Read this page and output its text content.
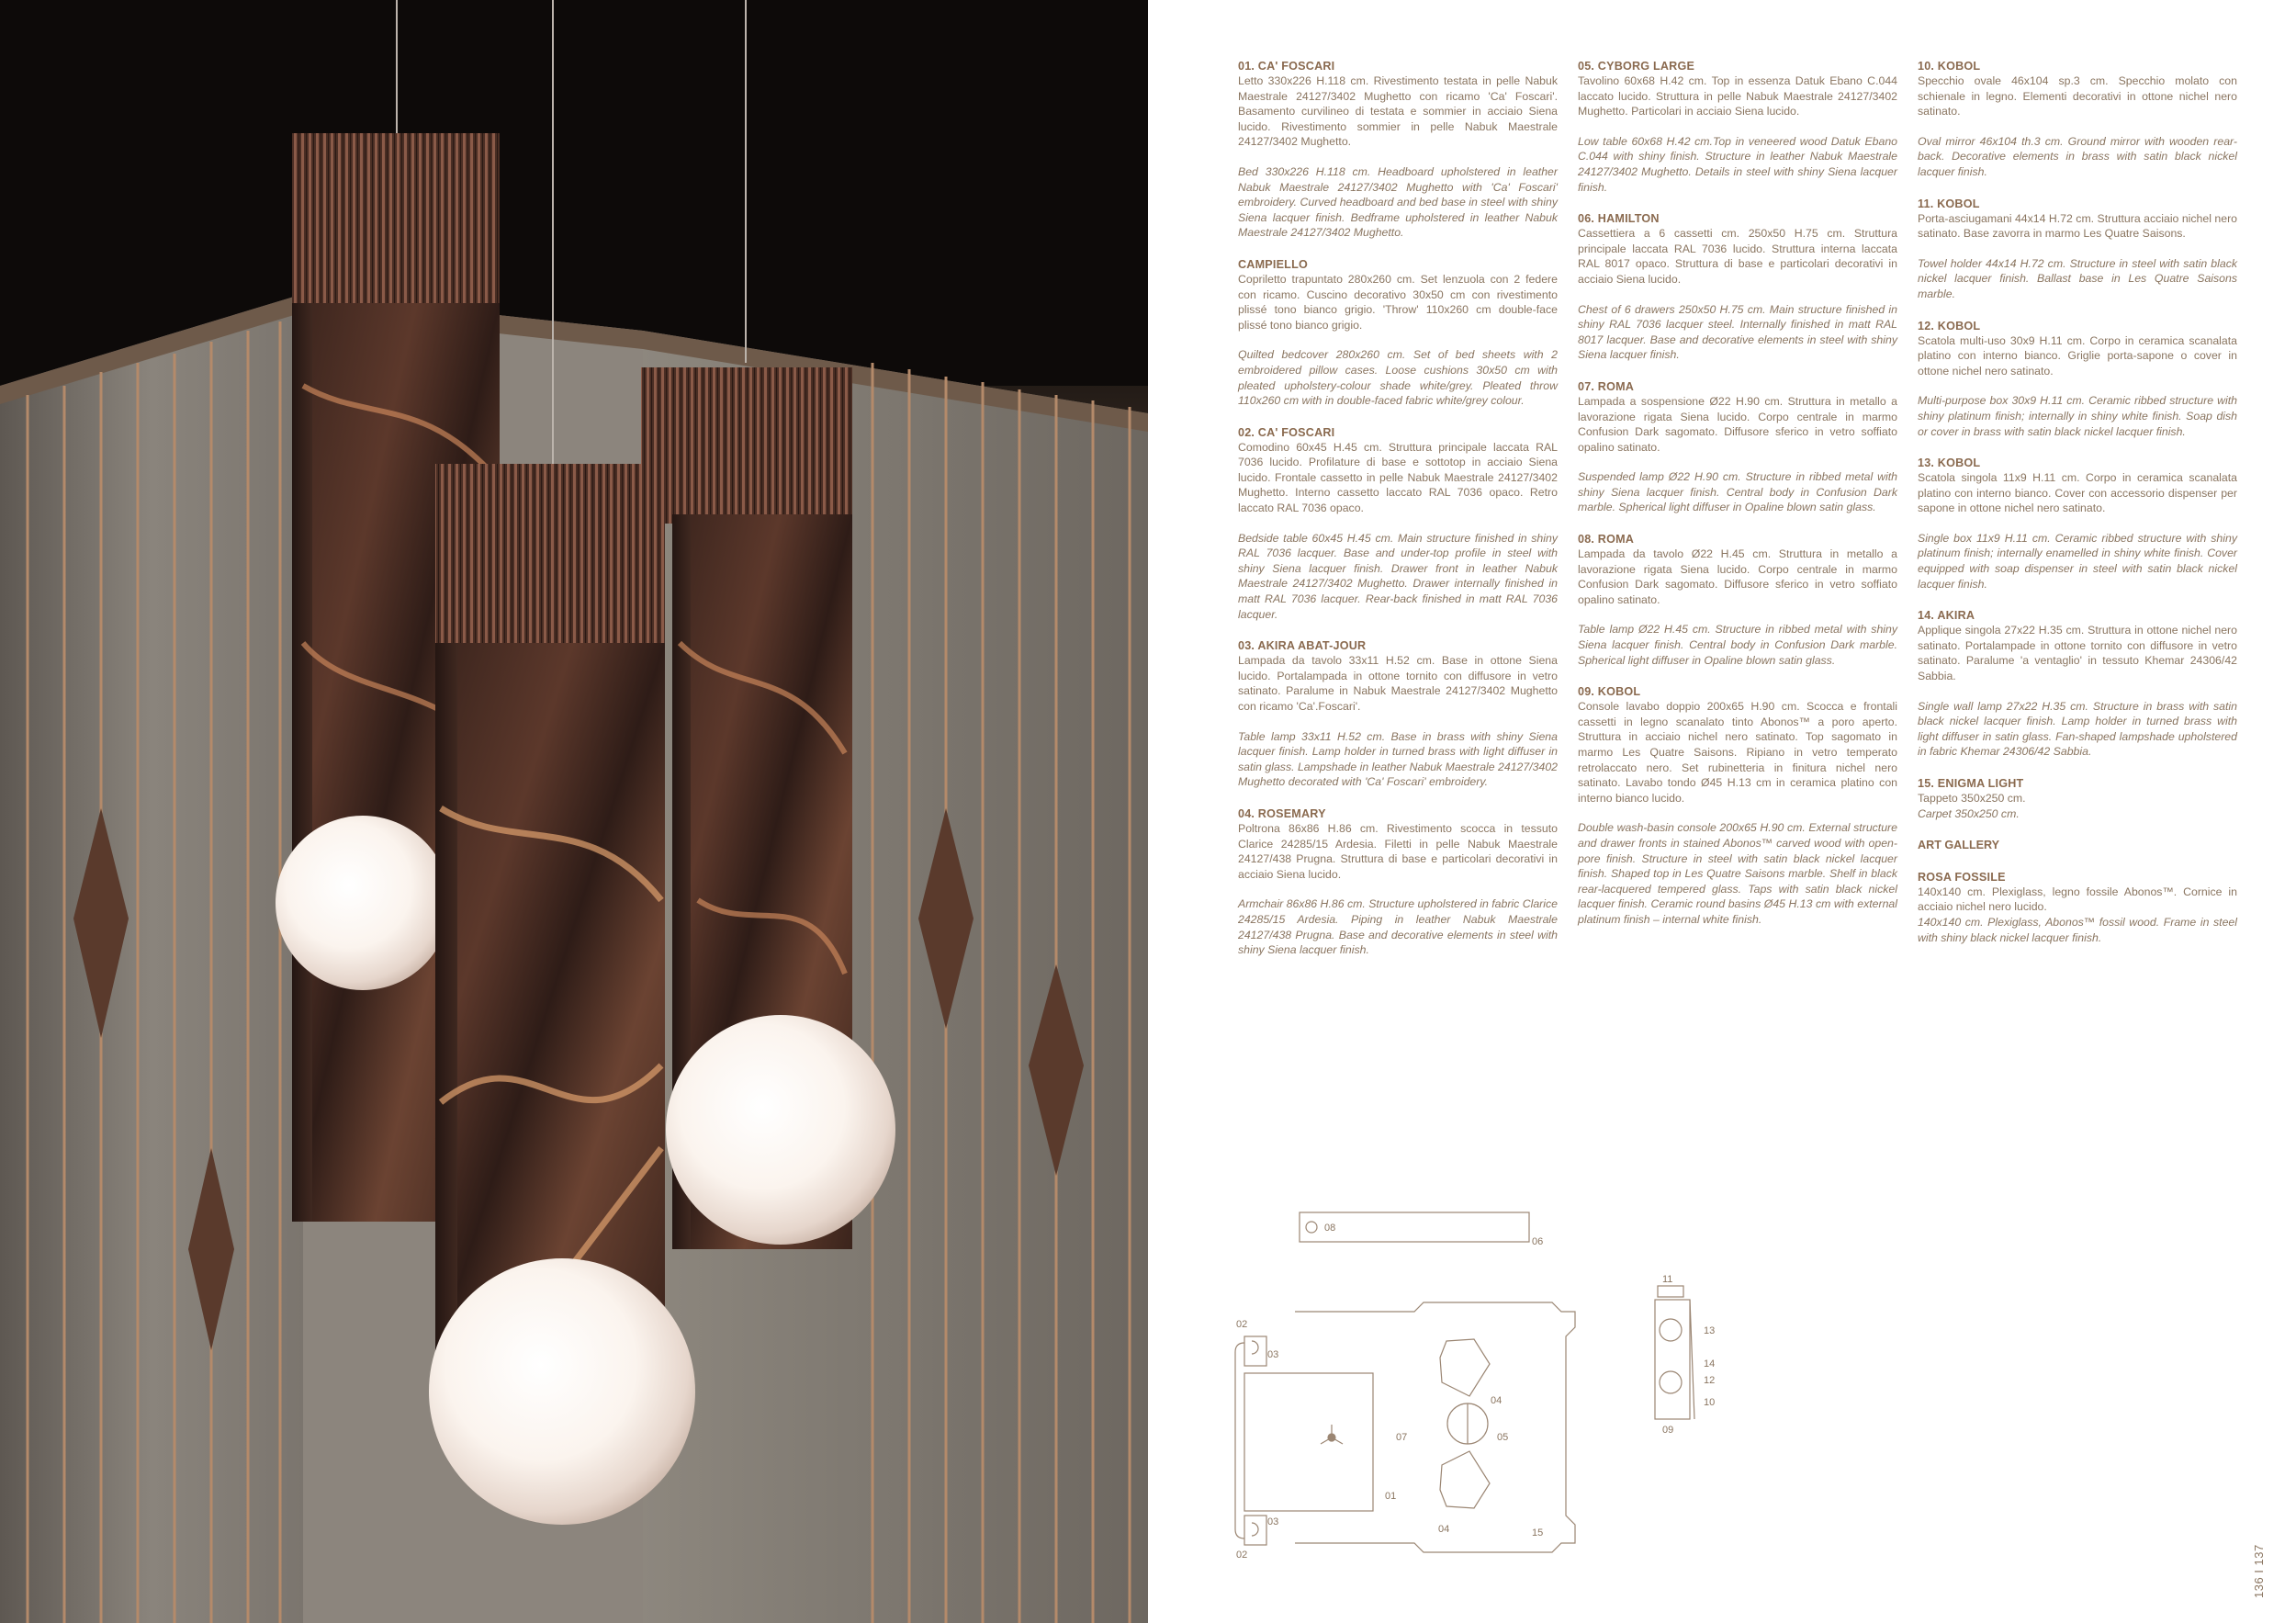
01. CA' FOSCARI

Letto 330x226 H.118 cm. Rivestimento testata in pelle Nabuk Maestrale 24127/3402 Mughetto con ricamo 'Ca' Foscari'. Basamento curvilineo di testata e sommier in acciaio Siena lucido. Rivestimento sommier in pelle Nabuk Maestrale 24127/3402 Mughetto.

Bed 330x226 H.118 cm. Headboard upholstered in leather Nabuk Maestrale 24127/3402 Mughetto with 'Ca' Foscari' embroidery. Curved headboard and bed base in steel with shiny Siena lacquer finish. Bedframe upholstered in leather Nabuk Maestrale 24127/3402 Mughetto.

CAMPIELLO

Copriletto trapuntato 280x260 cm. Set lenzuola con 2 federe con ricamo. Cuscino decorativo 30x50 cm con rivestimento plissé tono bianco grigio. 'Throw' 110x260 cm double-face plissé tono bianco grigio.

Quilted bedcover 280x260 cm. Set of bed sheets with 2 embroidered pillow cases. Loose cushions 30x50 cm with pleated upholstery-colour shade white/grey. Pleated throw 110x260 cm with in double-faced fabric white/grey colour.

02. CA' FOSCARI

Comodino 60x45 H.45 cm. Struttura principale laccata RAL 7036 lucido. Profilature di base e sottotop in acciaio Siena lucido. Frontale cassetto in pelle Nabuk Maestrale 24127/3402 Mughetto. Interno cassetto laccato RAL 7036 opaco. Retro laccato RAL 7036 opaco.

Bedside table 60x45 H.45 cm. Main structure finished in shiny RAL 7036 lacquer. Base and under-top profile in steel with shiny Siena lacquer finish. Drawer front in leather Nabuk Maestrale 24127/3402 Mughetto. Drawer internally finished in matt RAL 7036 lacquer. Rear-back finished in matt RAL 7036 lacquer.

03. AKIRA ABAT-JOUR

Lampada da tavolo 33x11 H.52 cm. Base in ottone Siena lucido. Portalampada in ottone tornito con diffusore in vetro satinato. Paralume in Nabuk Maestrale 24127/3402 Mughetto con ricamo 'Ca'.Foscari'.

Table lamp 33x11 H.52 cm. Base in brass with shiny Siena lacquer finish. Lamp holder in turned brass with light diffuser in satin glass. Lampshade in leather Nabuk Maestrale 24127/3402 Mughetto decorated with 'Ca' Foscari' embroidery.

04. ROSEMARY

Poltrona 86x86 H.86 cm. Rivestimento scocca in tessuto Clarice 24285/15 Ardesia. Filetti in pelle Nabuk Maestrale 24127/438 Prugna. Struttura di base e particolari decorativi in acciaio Siena lucido.

Armchair 86x86 H.86 cm. Structure upholstered in fabric Clarice 24285/15 Ardesia. Piping in leather Nabuk Maestrale 24127/438 Prugna. Base and decorative elements in steel with shiny Siena lacquer finish.

05. CYBORG LARGE

Tavolino 60x68 H.42 cm. Top in essenza Datuk Ebano C.044 laccato lucido. Struttura in pelle Nabuk Maestrale 24127/3402 Mughetto. Particolari in acciaio Siena lucido.

Low table 60x68 H.42 cm.Top in veneered wood Datuk Ebano C.044 with shiny finish. Structure in leather Nabuk Maestrale 24127/3402 Mughetto. Details in steel with shiny Siena lacquer finish.

06. HAMILTON

Cassettiera a 6 cassetti cm. 250x50 H.75 cm. Struttura principale laccata RAL 7036 lucido. Struttura interna laccata RAL 8017 opaco. Struttura di base e particolari decorativi in acciaio Siena lucido.

Chest of 6 drawers 250x50 H.75 cm. Main structure finished in shiny RAL 7036 lacquer steel. Internally finished in matt RAL 8017 lacquer. Base and decorative elements in steel with shiny Siena lacquer finish.

07. ROMA

Lampada a sospensione Ø22 H.90 cm. Struttura in metallo a lavorazione rigata Siena lucido. Corpo centrale in marmo Confusion Dark sagomato. Diffusore sferico in vetro soffiato opalino satinato.

Suspended lamp Ø22 H.90 cm. Structure in ribbed metal with shiny Siena lacquer finish. Central body in Confusion Dark marble. Spherical light diffuser in Opaline blown satin glass.

08. ROMA

Lampada da tavolo Ø22 H.45 cm. Struttura in metallo a lavorazione rigata Siena lucido. Corpo centrale in marmo Confusion Dark sagomato. Diffusore sferico in vetro soffiato opalino satinato.

Table lamp Ø22 H.45 cm. Structure in ribbed metal with shiny Siena lacquer finish. Central body in Confusion Dark marble. Spherical light diffuser in Opaline blown satin glass.

09. KOBOL

Console lavabo doppio 200x65 H.90 cm. Scocca e frontali cassetti in legno scanalato tinto Abonos™ a poro aperto. Struttura in acciaio nichel nero satinato. Top sagomato in marmo Les Quatre Saisons. Ripiano in vetro temperato retrolaccato nero. Set rubinetteria in finitura nichel nero satinato. Lavabo tondo Ø45 H.13 cm in ceramica platino con interno bianco lucido.

Double wash-basin console 200x65 H.90 cm. External structure and drawer fronts in stained Abonos™ carved wood with open-pore finish. Structure in steel with satin black nickel lacquer finish. Shaped top in Les Quatre Saisons marble. Shelf in black rear-lacquered tempered glass. Taps with satin black nickel lacquer finish. Ceramic round basins Ø45 H.13 cm with external platinum finish – internal white finish.

10. KOBOL

Specchio ovale 46x104 sp.3 cm. Specchio molato con schienale in legno. Elementi decorativi in ottone nichel nero satinato.

Oval mirror 46x104 th.3 cm. Ground mirror with wooden rear-back. Decorative elements in brass with satin black nickel lacquer finish.

11. KOBOL

Porta-asciugamani 44x14 H.72 cm. Struttura acciaio nichel nero satinato. Base zavorra in marmo Les Quatre Saisons.

Towel holder 44x14 H.72 cm. Structure in steel with satin black nickel lacquer finish. Ballast base in Les Quatre Saisons marble.

12. KOBOL

Scatola multi-uso 30x9 H.11 cm. Corpo in ceramica scanalata platino con interno bianco. Griglie porta-sapone o cover in ottone nichel nero satinato.

Multi-purpose box 30x9 H.11 cm. Ceramic ribbed structure with shiny platinum finish; internally in shiny white finish. Soap dish or cover in brass with satin black nickel lacquer finish.

13. KOBOL

Scatola singola 11x9 H.11 cm. Corpo in ceramica scanalata platino con interno bianco. Cover con accessorio dispenser per sapone in ottone nichel nero satinato.

Single box 11x9 H.11 cm. Ceramic ribbed structure with shiny platinum finish; internally enamelled in shiny white finish. Cover equipped with soap dispenser in steel with satin black nickel lacquer finish.

14. AKIRA

Applique singola 27x22 H.35 cm. Struttura in ottone nichel nero satinato. Portalampade in ottone tornito con diffusore in vetro satinato. Paralume 'a ventaglio' in tessuto Khemar 24306/42 Sabbia.

Single wall lamp 27x22 H.35 cm. Structure in brass with satin black nickel lacquer finish. Lamp holder in turned brass with light diffuser in satin glass. Fan-shaped lampshade upholstered in fabric Khemar 24306/42 Sabbia.

15. ENIGMA LIGHT

Tappeto 350x250 cm.

Carpet 350x250 cm.

ART GALLERY
ROSA FOSSILE

140x140 cm. Plexiglass, legno fossile Abonos™. Cornice in acciaio nichel nero lucido.

140x140 cm. Plexiglass, Abonos™ fossil wood. Frame in steel with shiny black nickel lacquer finish.

08
06
02
03
04
07	05
01
04	15
03
02
11
13
14
12
10
09
136 I 137
